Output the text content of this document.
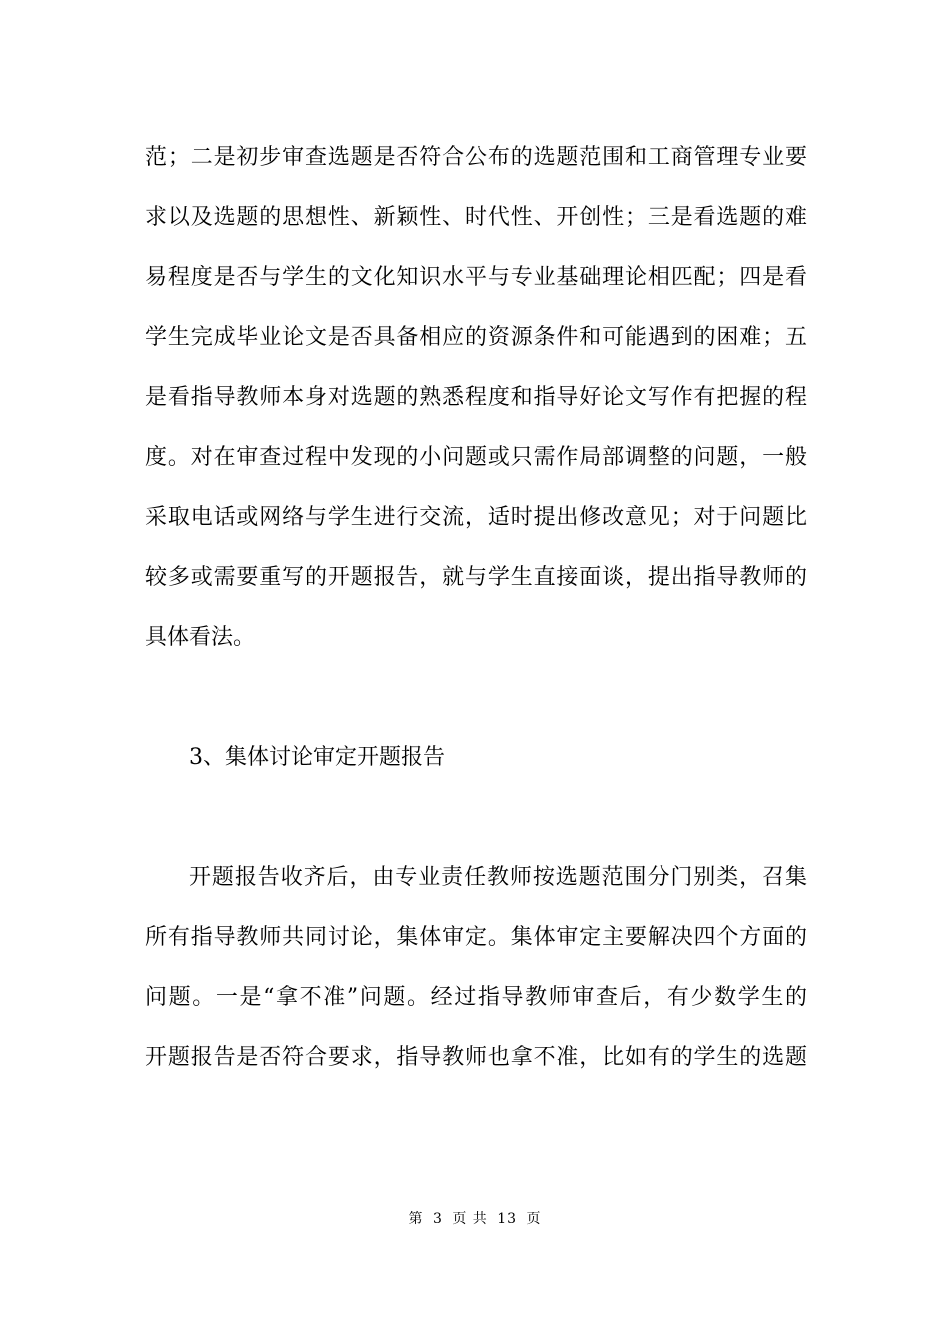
范；二是初步审查选题是否符合公布的选题范围和工商管理专业要
求以及选题的思想性、新颖性、时代性、开创性；三是看选题的难
易程度是否与学生的文化知识水平与专业基础理论相匹配；四是看
学生完成毕业论文是否具备相应的资源条件和可能遇到的困难；五
是看指导教师本身对选题的熟悉程度和指导好论文写作有把握的程
度。对在审查过程中发现的小问题或只需作局部调整的问题，一般
采取电话或网络与学生进行交流，适时提出修改意见；对于问题比
较多或需要重写的开题报告，就与学生直接面谈，提出指导教师的
具体看法。
3、集体讨论审定开题报告
开题报告收齐后，由专业责任教师按选题范围分门别类，召集
所有指导教师共同讨论，集体审定。集体审定主要解决四个方面的
问题。一是“拿不准”问题。经过指导教师审查后，有少数学生的
开题报告是否符合要求，指导教师也拿不准，比如有的学生的选题
第 3 页 共 13 页
